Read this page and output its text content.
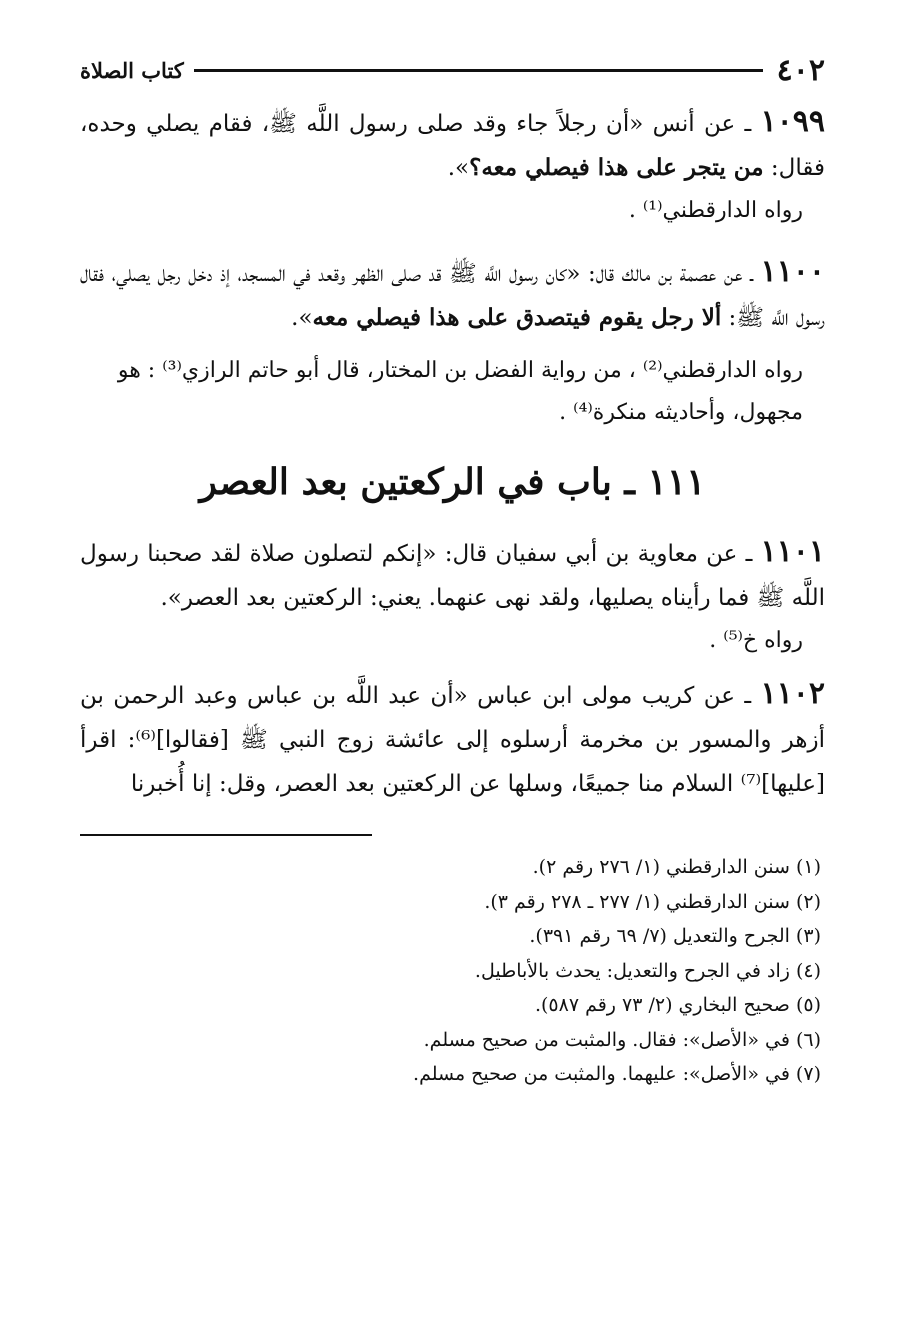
٤٠٢
كتاب الصلاة

١٠٩٩ ـ عن أنس «أن رجلاً جاء وقد صلى رسول اللَّه ﷺ، فقام يصلي وحده، فقال: من يتجر على هذا فيصلي معه؟».

رواه الدارقطني⁽¹⁾ .

١١٠٠ ـ عن عصمة بن مالك قال: «كان رسول اللَّه ﷺ قد صلى الظهر وقعد في المسجد، إذ دخل رجل يصلي، فقال رسول اللَّه ﷺ: ألا رجل يقوم فيتصدق على هذا فيصلي معه».

رواه الدارقطني⁽²⁾ ، من رواية الفضل بن المختار، قال أبو حاتم الرازي⁽³⁾ : هو مجهول، وأحاديثه منكرة⁽⁴⁾ .

١١١ ـ باب في الركعتين بعد العصر

١١٠١ ـ عن معاوية بن أبي سفيان قال: «إنكم لتصلون صلاة لقد صحبنا رسول اللَّه ﷺ فما رأيناه يصليها، ولقد نهى عنهما. يعني: الركعتين بعد العصر».

رواه خ⁽⁵⁾ .

١١٠٢ ـ عن كريب مولى ابن عباس «أن عبد اللَّه بن عباس وعبد الرحمن بن أزهر والمسور بن مخرمة أرسلوه إلى عائشة زوج النبي ﷺ [فقالوا]⁽⁶⁾: اقرأ [عليها]⁽⁷⁾ السلام منا جميعًا، وسلها عن الركعتين بعد العصر، وقل: إنا أُخبرنا

(١) سنن الدارقطني (١/ ٢٧٦ رقم ٢).
(٢) سنن الدارقطني (١/ ٢٧٧ ـ ٢٧٨ رقم ٣).
(٣) الجرح والتعديل (٧/ ٦٩ رقم ٣٩١).
(٤) زاد في الجرح والتعديل: يحدث بالأباطيل.
(٥) صحيح البخاري (٢/ ٧٣ رقم ٥٨٧).
(٦) في «الأصل»: فقال. والمثبت من صحيح مسلم.
(٧) في «الأصل»: عليهما. والمثبت من صحيح مسلم.
